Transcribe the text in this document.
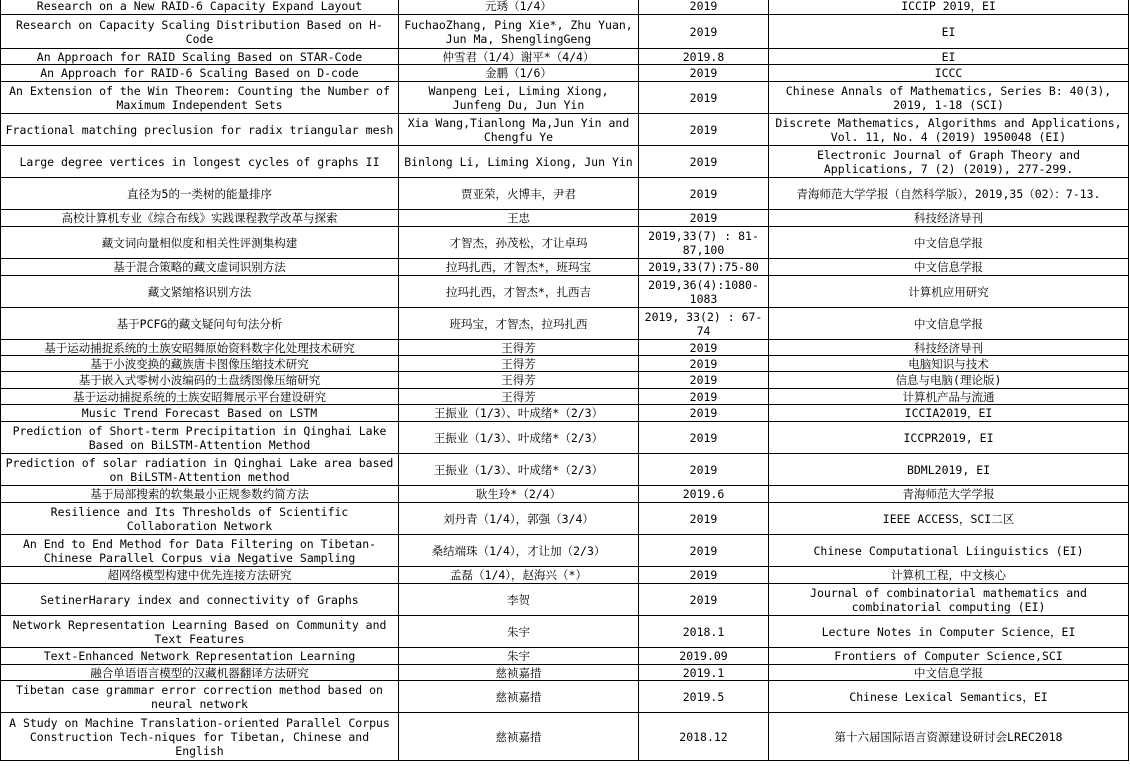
Research on a New RAID-6 Capacity Expand Layout	元琇（1/4）	2019	ICCIP 2019，EI
Research on Capacity Scaling Distribution Based on H-Code	FuchaoZhang, Ping Xie*, Zhu Yuan, Jun Ma, ShenglingGeng	2019	EI
An Approach for RAID Scaling Based on STAR-Code	仲雪君（1/4）谢平*（4/4）	2019.8	EI
An Approach for RAID-6 Scaling Based on D-code	金鹏（1/6）	2019	ICCC
An Extension of the Win Theorem: Counting the Number of Maximum Independent Sets	Wanpeng Lei, Liming Xiong, Junfeng Du, Jun Yin	2019	Chinese Annals of Mathematics, Series B: 40(3), 2019, 1-18 (SCI)
Fractional matching preclusion for radix triangular mesh	Xia Wang,Tianlong Ma,Jun Yin and Chengfu Ye	2019	Discrete Mathematics, Algorithms and Applications, Vol. 11, No. 4 (2019) 1950048 (EI)
Large degree vertices in longest cycles of graphs II	Binlong Li, Liming Xiong, Jun Yin	2019	Electronic Journal of Graph Theory and Applications, 7 (2) (2019), 277-299.
直径为5的一类树的能量排序	贾亚荣，火博丰，尹君	2019	青海师范大学学报（自然科学版），2019,35（02）：7-13.
高校计算机专业《综合布线》实践课程教学改革与探索	王忠	2019	科技经济导刊
藏文词向量相似度和相关性评测集构建	才智杰，孙茂松，才让卓玛	2019,33(7) : 81-87,100	中文信息学报
基于混合策略的藏文虚词识别方法	拉玛扎西，才智杰*，班玛宝	2019,33(7):75-80	中文信息学报
藏文紧缩格识别方法	拉玛扎西，才智杰*，扎西吉	2019,36(4):1080-1083	计算机应用研究
基于PCFG的藏文疑问句句法分析	班玛宝，才智杰，拉玛扎西	2019, 33(2) : 67-74	中文信息学报
基于运动捕捉系统的土族安昭舞原始资料数字化处理技术研究	王得芳	2019	科技经济导刊
基于小波变换的藏族唐卡图像压缩技术研究	王得芳	2019	电脑知识与技术
基于嵌入式零树小波编码的土盘绣图像压缩研究	王得芳	2019	信息与电脑(理论版)
基于运动捕捉系统的土族安昭舞展示平台建设研究	王得芳	2019	计算机产品与流通
Music Trend Forecast Based on LSTM	王振业（1/3）、叶成绪*（2/3）	2019	ICCIA2019，EI
Prediction of Short-term Precipitation in Qinghai Lake Based on BiLSTM-Attention Method	王振业（1/3）、叶成绪*（2/3）	2019	ICCPR2019, EI
Prediction of solar radiation in Qinghai Lake area based on BiLSTM-Attention method	王振业（1/3）、叶成绪*（2/3）	2019	BDML2019, EI
基于局部搜索的软集最小正规参数约简方法	耿生玲*（2/4）	2019.6	青海师范大学学报
Resilience and Its Thresholds of Scientific Collaboration Network	刘丹青（1/4），郭强（3/4）	2019	IEEE ACCESS，SCI二区
An End to End Method for Data Filtering on Tibetan-Chinese Parallel Corpus via Negative Sampling	桑结端珠（1/4），才让加（2/3）	2019	Chinese Computational Liinguistics (EI)
超网络模型构建中优先连接方法研究	孟磊（1/4），赵海兴（*）	2019	计算机工程，中文核心
SetinerHarary index and connectivity of Graphs	李贺	2019	Journal of combinatorial mathematics and combinatorial computing (EI)
Network Representation Learning Based on Community and Text Features	朱宇	2018.1	Lecture Notes in Computer Science，EI
Text-Enhanced Network Representation Learning	朱宇	2019.09	Frontiers of Computer Science,SCI
融合单语语言模型的汉藏机器翻译方法研究	慈祯嘉措	2019.1	中文信息学报
Tibetan case grammar error correction method based on neural network	慈祯嘉措	2019.5	Chinese Lexical Semantics，EI
A Study on Machine Translation-oriented Parallel Corpus Construction Tech-niques for Tibetan, Chinese and English	慈祯嘉措	2018.12	第十六届国际语言资源建设研讨会LREC2018
